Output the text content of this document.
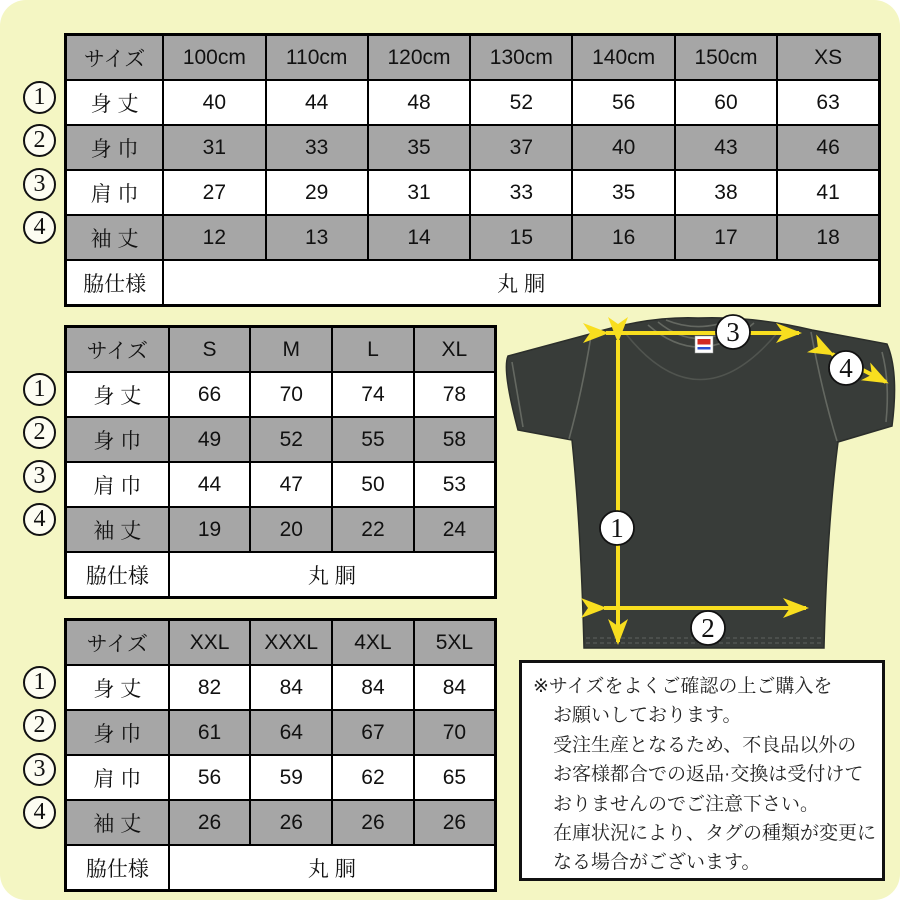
サイズ	100cm	110cm	120cm	130cm	140cm	150cm	XS
身 丈	40	44	48	52	56	60	63
身 巾	31	33	35	37	40	43	46
肩 巾	27	29	31	33	35	38	41
袖 丈	12	13	14	15	16	17	18
脇仕様	丸 胴						
サイズ	S	M	L	XL
身 丈	66	70	74	78
身 巾	49	52	55	58
肩 巾	44	47	50	53
袖 丈	19	20	22	24
脇仕様	丸 胴			
サイズ	XXL	XXXL	4XL	5XL
身 丈	82	84	84	84
身 巾	61	64	67	70
肩 巾	56	59	62	65
袖 丈	26	26	26	26
脇仕様	丸 胴			
3
4
1
2
※サイズをよくご確認の上ご購入を
お願いしております。
受注生産となるため、不良品以外の
お客様都合での返品·交換は受付けて
おりませんのでご注意下さい。
在庫状況により、タグの種類が変更に
なる場合がございます。
1
2
3
4
1
2
3
4
1
2
3
4
